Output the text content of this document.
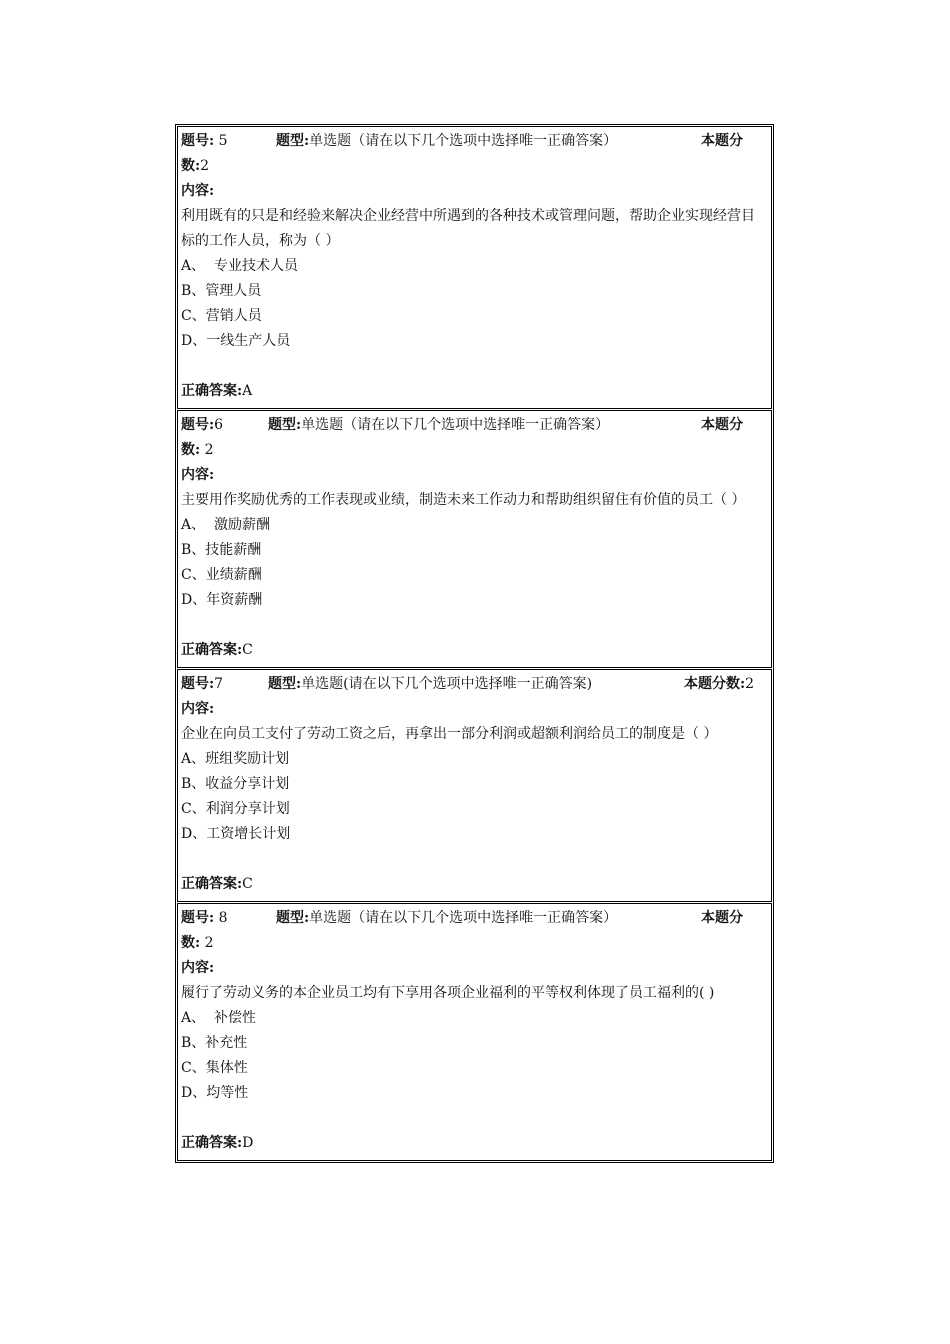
题号: 5	题型:单选题（请在以下几个选项中选择唯一正确答案）	本题分
数:2
内容:
利用既有的只是和经验来解决企业经营中所遇到的各种技术或管理问题，帮助企业实现经营目标的工作人员，称为（ ）
A、  专业技术人员
B、管理人员
C、营销人员
D、一线生产人员
正确答案:A
题号:6	题型:单选题（请在以下几个选项中选择唯一正确答案）	本题分
数: 2
内容:
主要用作奖励优秀的工作表现或业绩，制造未来工作动力和帮助组织留住有价值的员工（ ）
A、  激励薪酬
B、技能薪酬
C、业绩薪酬
D、年资薪酬
正确答案:C
题号:7	题型:单选题(请在以下几个选项中选择唯一正确答案)	本题分数:2
内容:
企业在向员工支付了劳动工资之后，再拿出一部分利润或超额利润给员工的制度是（ ）
A、班组奖励计划
B、收益分享计划
C、利润分享计划
D、工资增长计划
正确答案:C
题号: 8	题型:单选题（请在以下几个选项中选择唯一正确答案）	本题分
数: 2
内容:
履行了劳动义务的本企业员工均有下享用各项企业福利的平等权利体现了员工福利的( )
A、  补偿性
B、补充性
C、集体性
D、均等性
正确答案:D
